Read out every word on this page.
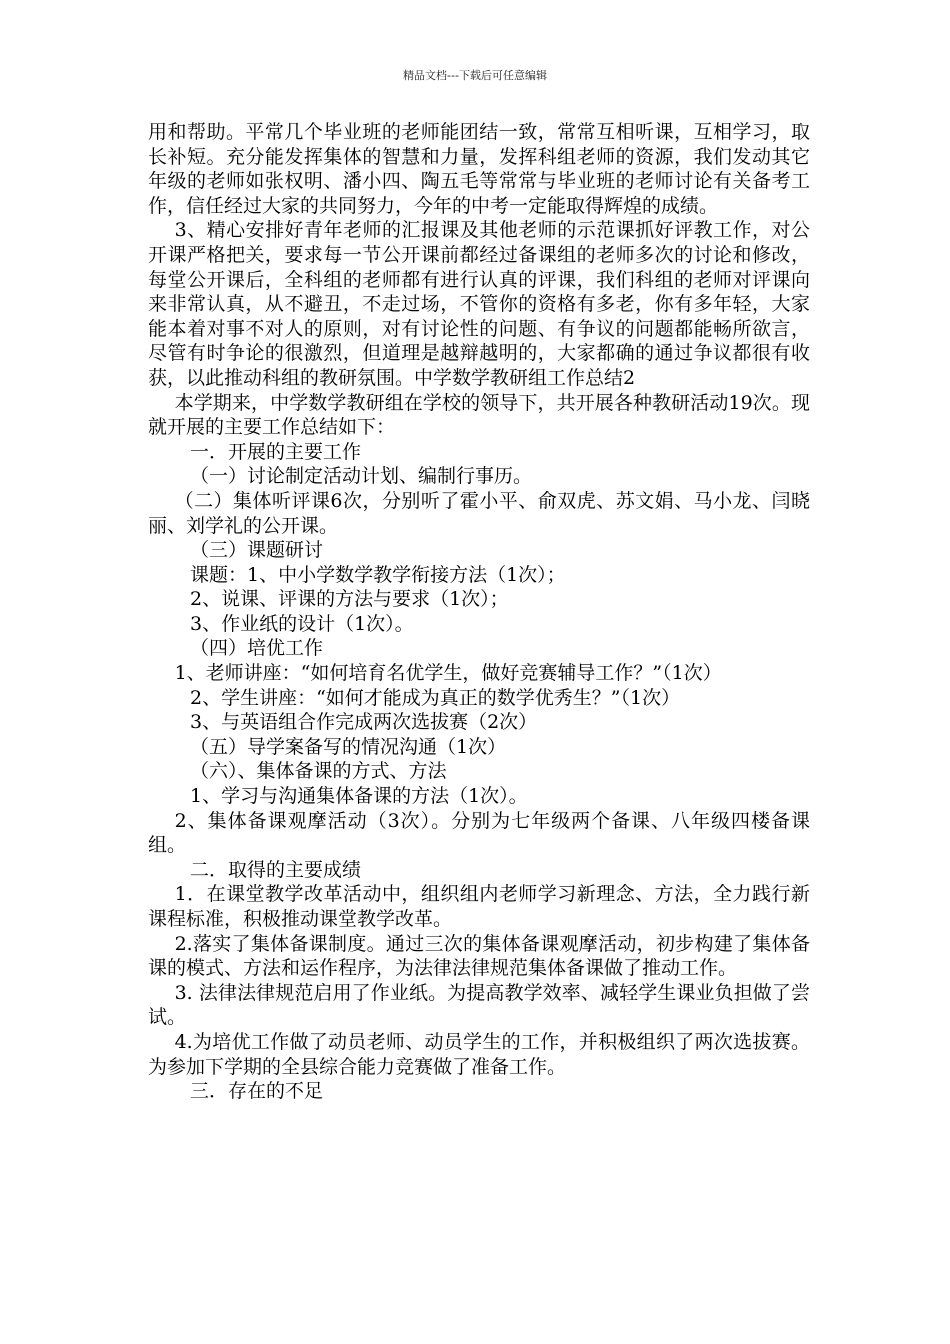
精品文档---下载后可任意编辑

用和帮助。平常几个毕业班的老师能团结一致，常常互相听课，互相学习，取长补短。充分能发挥集体的智慧和力量，发挥科组老师的资源，我们发动其它年级的老师如张权明、潘小四、陶五毛等常常与毕业班的老师讨论有关备考工作，信任经过大家的共同努力，今年的中考一定能取得辉煌的成绩。

3、精心安排好青年老师的汇报课及其他老师的示范课抓好评教工作，对公开课严格把关，要求每一节公开课前都经过备课组的老师多次的讨论和修改，每堂公开课后，全科组的老师都有进行认真的评课，我们科组的老师对评课向来非常认真，从不避丑，不走过场，不管你的资格有多老，你有多年轻，大家能本着对事不对人的原则，对有讨论性的问题、有争议的问题都能畅所欲言，尽管有时争论的很激烈，但道理是越辩越明的，大家都确的通过争议都很有收获，以此推动科组的教研氛围。中学数学教研组工作总结2

本学期来，中学数学教研组在学校的领导下，共开展各种教研活动19次。现就开展的主要工作总结如下：

一．开展的主要工作

（一）讨论制定活动计划、编制行事历。

（二）集体听评课6次，分别听了霍小平、俞双虎、苏文娟、马小龙、闫晓丽、刘学礼的公开课。

（三）课题研讨

课题：1、中小学数学教学衔接方法（1次）；

2、说课、评课的方法与要求（1次）；

3、作业纸的设计（1次）。

（四）培优工作

1、老师讲座：“如何培育名优学生，做好竞赛辅导工作？”（1次）

2、学生讲座：“如何才能成为真正的数学优秀生？”（1次）

3、与英语组合作完成两次选拔赛（2次）

（五）导学案备写的情况沟通（1次）

（六）、集体备课的方式、方法

1、学习与沟通集体备课的方法（1次）。

2、集体备课观摩活动（3次）。分别为七年级两个备课、八年级四楼备课组。

二．取得的主要成绩

1．在课堂教学改革活动中，组织组内老师学习新理念、方法，全力践行新课程标准，积极推动课堂教学改革。

2.落实了集体备课制度。通过三次的集体备课观摩活动，初步构建了集体备课的模式、方法和运作程序，为法律法律规范集体备课做了推动工作。

3. 法律法律规范启用了作业纸。为提高教学效率、减轻学生课业负担做了尝试。

4.为培优工作做了动员老师、动员学生的工作，并积极组织了两次选拔赛。为参加下学期的全县综合能力竞赛做了准备工作。

三．存在的不足
